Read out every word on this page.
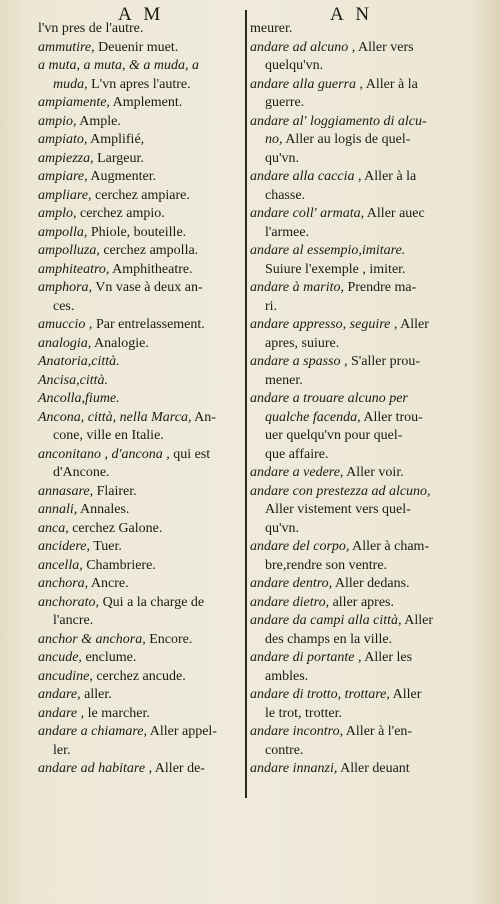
A M	A N
l'vn pres de l'autre.
ammutire, Deuenir muet.
a muta, a muta, & a muda, a
muda, L'vn apres l'autre.
ampiamente, Amplement.
ampio, Ample.
ampiato, Amplifié,
ampiezza, Largeur.
ampiare, Augmenter.
ampliare, cerchez ampiare.
amplo, cerchez ampio.
ampolla, Phiole, bouteille.
ampolluza, cerchez ampolla.
amphiteatro, Amphitheatre.
amphora, Vn vase à deux an-
ces.
amuccio , Par entrelassement.
analogia, Analogie.
Anatoria,città.
Ancisa,città.
Ancolla,fiume.
Ancona, città, nella Marca, An-
cone, ville en Italie.
anconitano , d'ancona , qui est
d'Ancone.
annasare, Flairer.
annali, Annales.
anca, cerchez Galone.
ancidere, Tuer.
ancella, Chambriere.
anchora, Ancre.
anchorato, Qui a la charge de
l'ancre.
anchor & anchora, Encore.
ancude, enclume.
ancudine, cerchez ancude.
andare, aller.
andare , le marcher.
andare a chiamare, Aller appel-
ler.
andare ad habitare , Aller de-
meurer.
andare ad alcuno , Aller vers
quelqu'vn.
andare alla guerra , Aller à la
guerre.
andare al' loggiamento di alcu-
no, Aller au logis de quel-
qu'vn.
andare alla caccia , Aller à la
chasse.
andare coll' armata, Aller auec
l'armee.
andare al essempio,imitare.
Suiure l'exemple , imiter.
andare à marito, Prendre ma-
ri.
andare appresso, seguire , Aller
apres, suiure.
andare a spasso , S'aller prou-
mener.
andare a trouare alcuno per
qualche facenda, Aller trou-
uer quelqu'vn pour quel-
que affaire.
andare a vedere, Aller voir.
andare con prestezza ad alcuno,
Aller vistement vers quel-
qu'vn.
andare del corpo, Aller à cham-
bre,rendre son ventre.
andare dentro, Aller dedans.
andare dietro, aller apres.
andare da campi alla città, Aller
des champs en la ville.
andare di portante , Aller les
ambles.
andare di trotto, trottare, Aller
le trot, trotter.
andare incontro, Aller à l'en-
contre.
andare innanzi, Aller deuant
